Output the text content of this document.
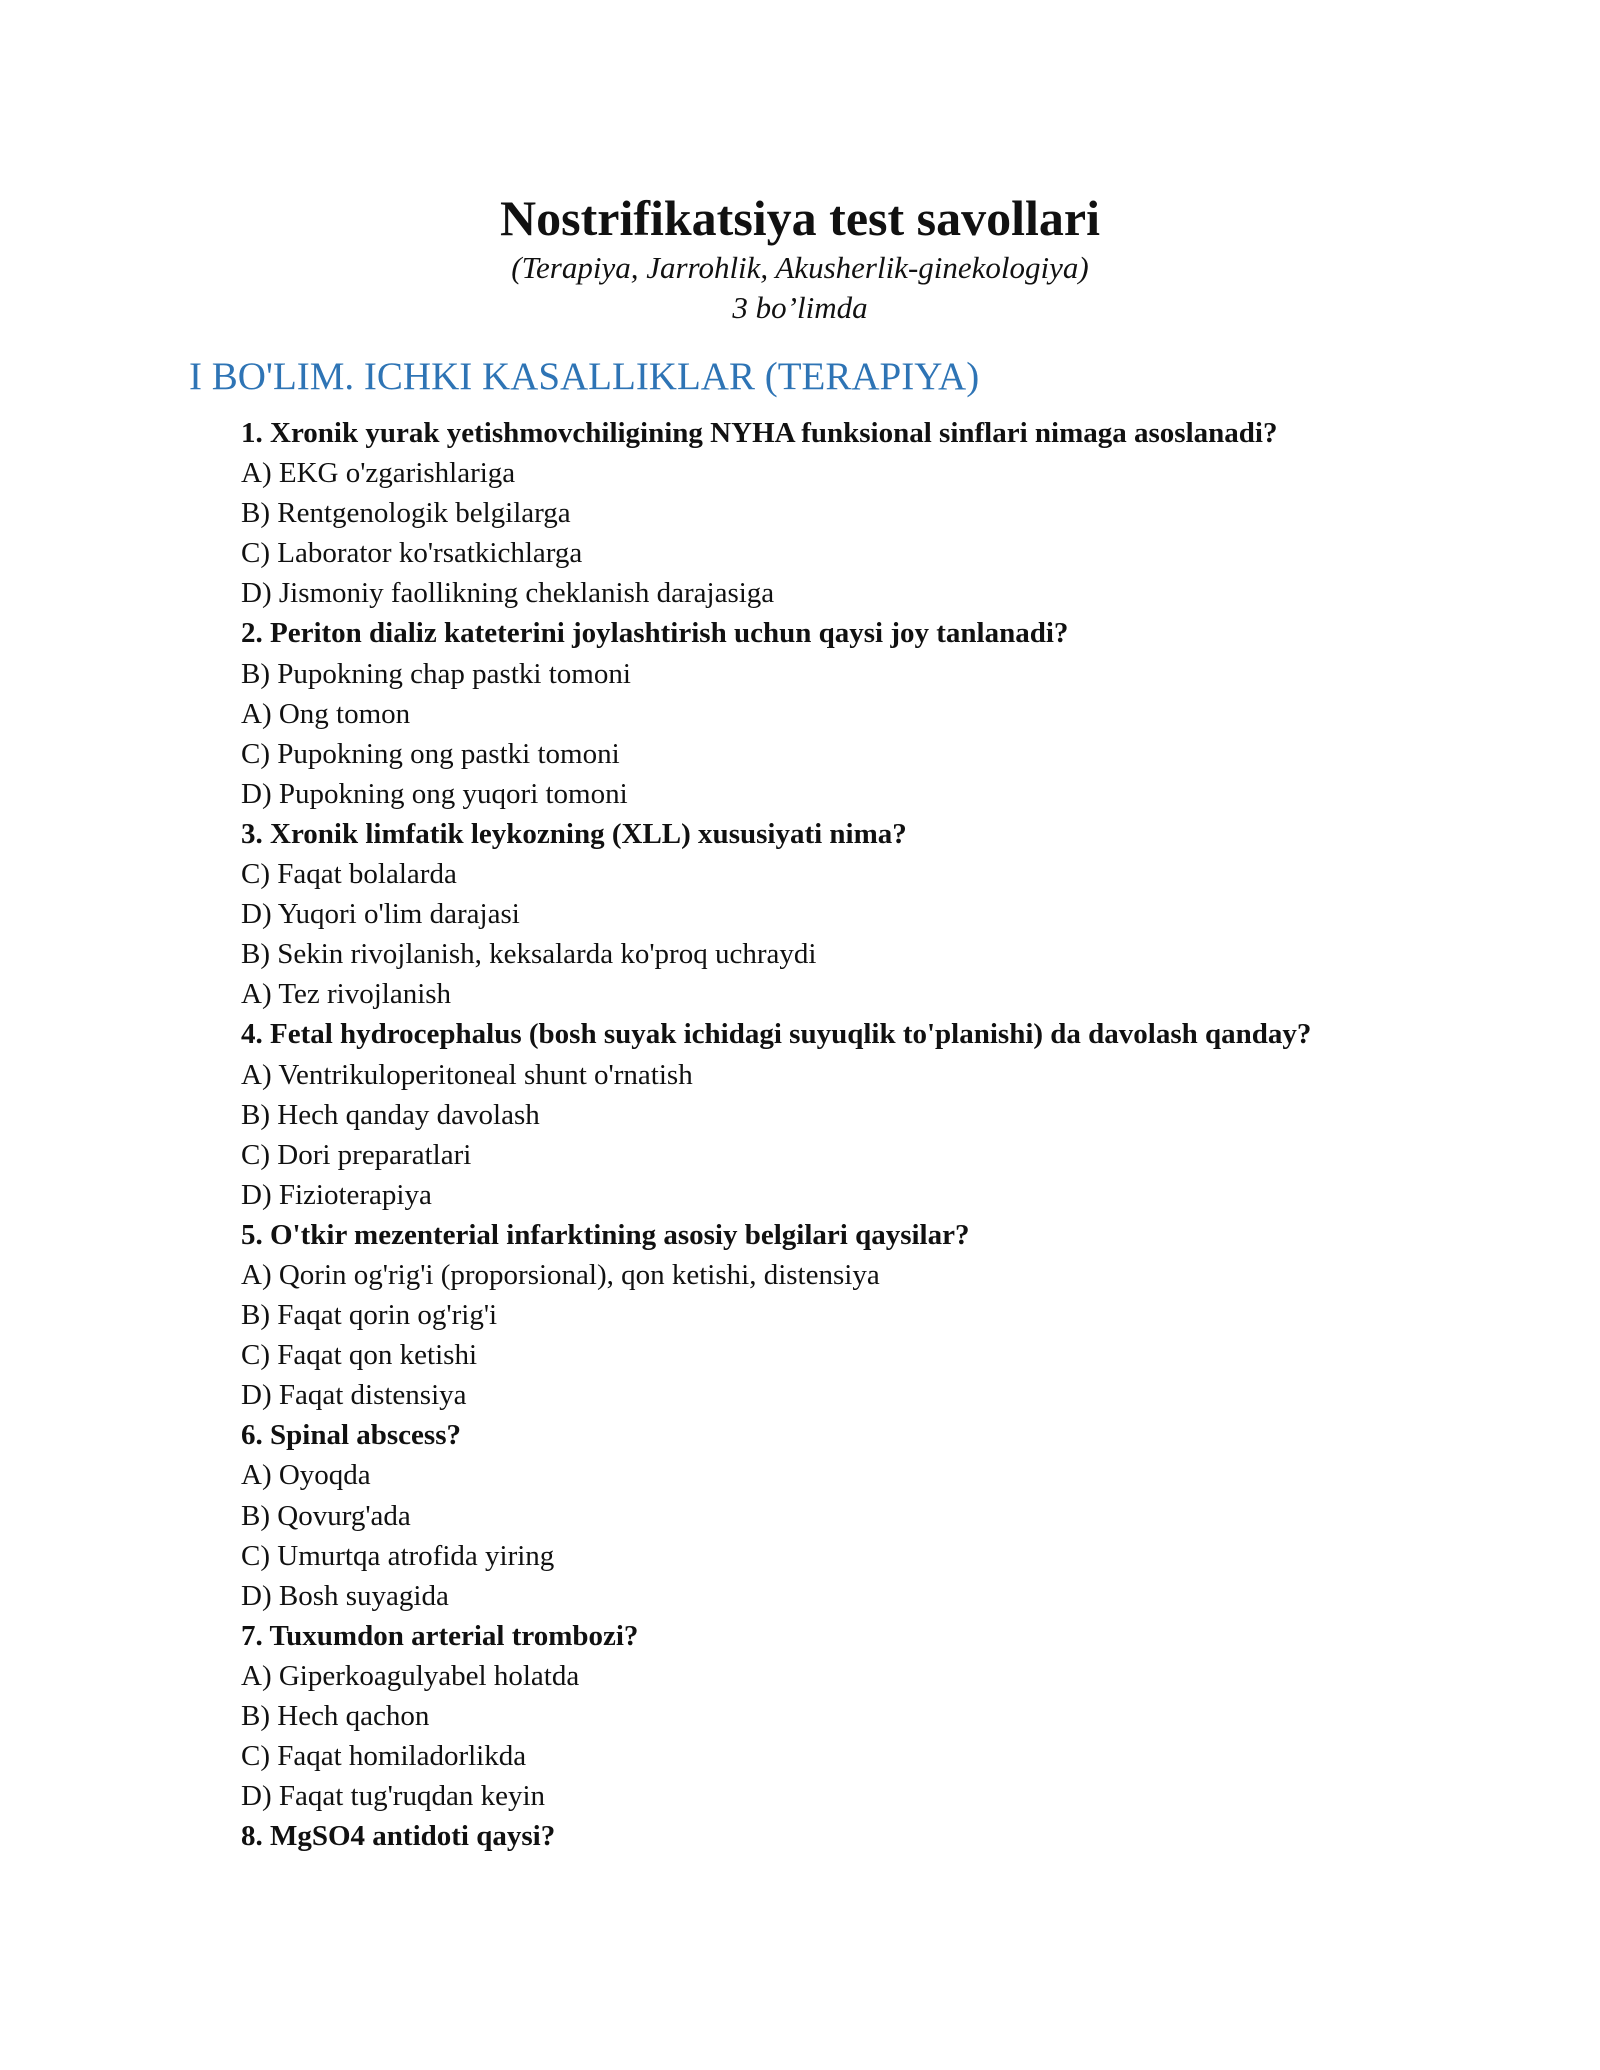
Nostrifikatsiya test savollari
(Terapiya, Jarrohlik, Akusherlik-ginekologiya)
3 bo’limda
I BO'LIM. ICHKI KASALLIKLAR (TERAPIYA)
1. Xronik yurak yetishmovchiligining NYHA funksional sinflari nimaga asoslanadi?
A) EKG o'zgarishlariga
B) Rentgenologik belgilarga
C) Laborator ko'rsatkichlarga
D) Jismoniy faollikning cheklanish darajasiga
2. Periton dializ kateterini joylashtirish uchun qaysi joy tanlanadi?
B) Pupokning chap pastki tomoni
A) Ong tomon
C) Pupokning ong pastki tomoni
D) Pupokning ong yuqori tomoni
3. Xronik limfatik leykozning (XLL) xususiyati nima?
C) Faqat bolalarda
D) Yuqori o'lim darajasi
B) Sekin rivojlanish, keksalarda ko'proq uchraydi
A) Tez rivojlanish
4. Fetal hydrocephalus (bosh suyak ichidagi suyuqlik to'planishi) da davolash qanday?
A) Ventrikuloperitoneal shunt o'rnatish
B) Hech qanday davolash
C) Dori preparatlari
D) Fizioterapiya
5. O'tkir mezenterial infarktining asosiy belgilari qaysilar?
A) Qorin og'rig'i (proporsional), qon ketishi, distensiya
B) Faqat qorin og'rig'i
C) Faqat qon ketishi
D) Faqat distensiya
6. Spinal abscess?
A) Oyoqda
B) Qovurg'ada
C) Umurtqa atrofida yiring
D) Bosh suyagida
7. Tuxumdon arterial trombozi?
A) Giperkoagulyabel holatda
B) Hech qachon
C) Faqat homiladorlikda
D) Faqat tug'ruqdan keyin
8. MgSO4 antidoti qaysi?
